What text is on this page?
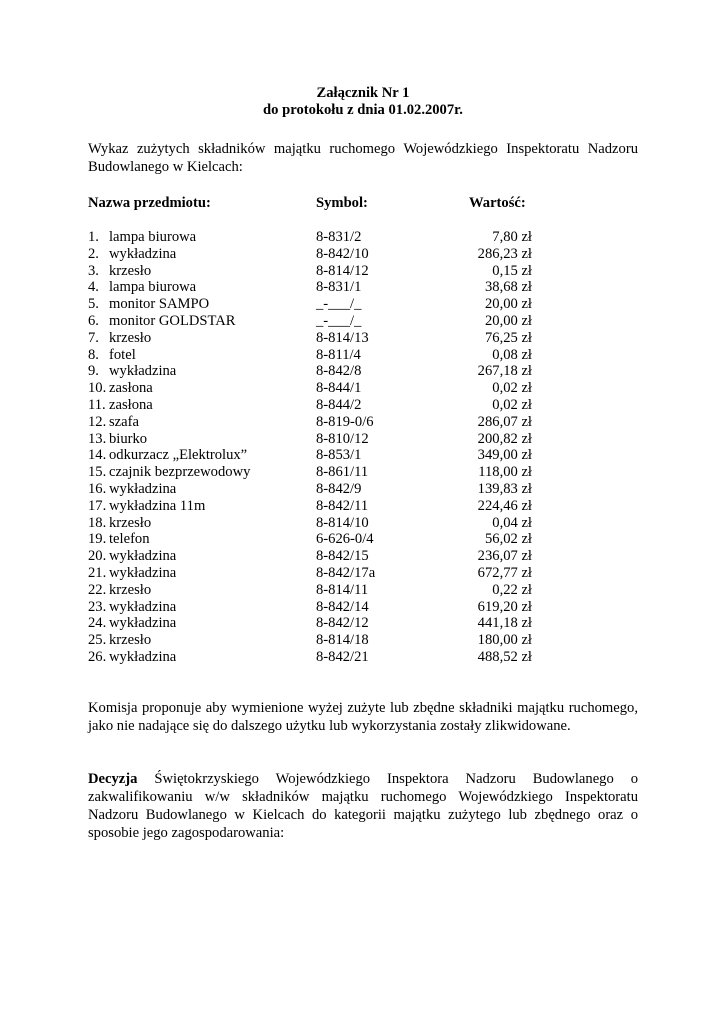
Załącznik Nr 1
do protokołu z dnia 01.02.2007r.
Wykaz zużytych składników majątku ruchomego Wojewódzkiego Inspektoratu Nadzoru Budowlanego w Kielcach:
Nazwa przedmiotu:	Symbol:	Wartość:
1. lampa biurowa	8-831/2	7,80 zł
2. wykładzina	8-842/10	286,23 zł
3. krzesło	8-814/12	0,15 zł
4. lampa biurowa	8-831/1	38,68 zł
5. monitor SAMPO	_-___/_	20,00 zł
6. monitor GOLDSTAR	_-___/_	20,00 zł
7. krzesło	8-814/13	76,25 zł
8. fotel	8-811/4	0,08 zł
9. wykładzina	8-842/8	267,18 zł
10. zasłona	8-844/1	0,02 zł
11. zasłona	8-844/2	0,02 zł
12. szafa	8-819-0/6	286,07 zł
13. biurko	8-810/12	200,82 zł
14. odkurzacz „Elektrolux”	8-853/1	349,00 zł
15. czajnik bezprzewodowy	8-861/11	118,00 zł
16. wykładzina	8-842/9	139,83 zł
17. wykładzina 11m	8-842/11	224,46 zł
18. krzesło	8-814/10	0,04 zł
19. telefon	6-626-0/4	56,02 zł
20. wykładzina	8-842/15	236,07 zł
21. wykładzina	8-842/17a	672,77 zł
22. krzesło	8-814/11	0,22 zł
23. wykładzina	8-842/14	619,20 zł
24. wykładzina	8-842/12	441,18 zł
25. krzesło	8-814/18	180,00 zł
26. wykładzina	8-842/21	488,52 zł
Komisja proponuje aby wymienione wyżej zużyte lub zbędne składniki majątku ruchomego, jako nie nadające się do dalszego użytku lub wykorzystania zostały zlikwidowane.
Decyzja Świętokrzyskiego Wojewódzkiego Inspektora Nadzoru Budowlanego o zakwalifikowaniu w/w składników majątku ruchomego Wojewódzkiego Inspektoratu Nadzoru Budowlanego w Kielcach do kategorii majątku zużytego lub zbędnego oraz o sposobie jego zagospodarowania:
